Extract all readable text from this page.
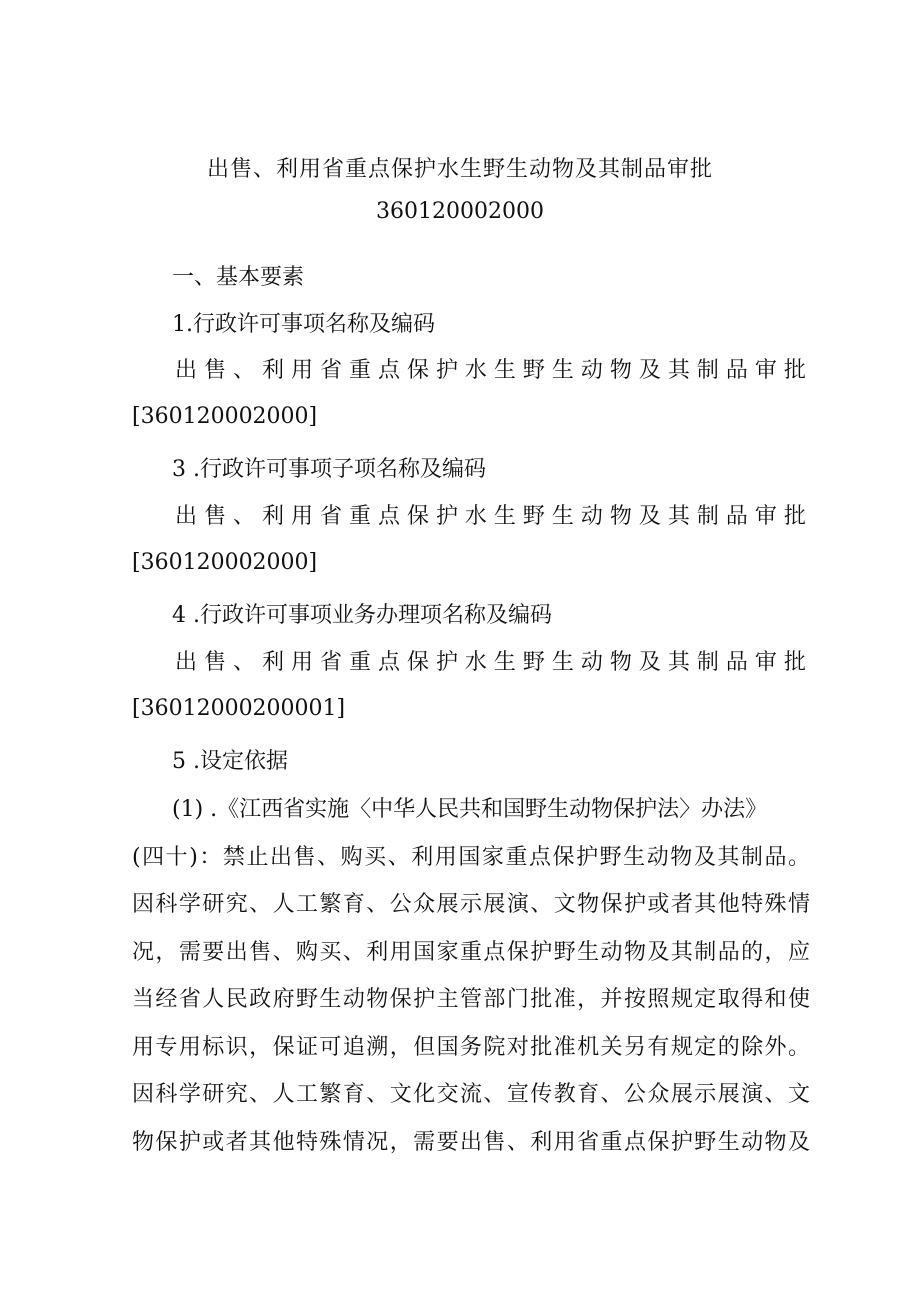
出售、利用省重点保护水生野生动物及其制品审批
360120002000
一、基本要素
1.行政许可事项名称及编码
出 售 、 利 用 省 重 点 保 护 水 生 野 生 动 物 及 其 制 品 审 批
[360120002000]
3 .行政许可事项子项名称及编码
出 售 、 利 用 省 重 点 保 护 水 生 野 生 动 物 及 其 制 品 审 批
[360120002000]
4 .行政许可事项业务办理项名称及编码
出 售 、 利 用 省 重 点 保 护 水 生 野 生 动 物 及 其 制 品 审 批
[36012000200001]
5 .设定依据
(1) .《江西省实施〈中华人民共和国野生动物保护法〉办法》
(四十)：禁止出售、购买、利用国家重点保护野生动物及其制品。
因科学研究、人工繁育、公众展示展演、文物保护或者其他特殊情
况，需要出售、购买、利用国家重点保护野生动物及其制品的，应
当经省人民政府野生动物保护主管部门批准，并按照规定取得和使
用专用标识，保证可追溯，但国务院对批准机关另有规定的除外。
因科学研究、人工繁育、文化交流、宣传教育、公众展示展演、文
物保护或者其他特殊情况，需要出售、利用省重点保护野生动物及
